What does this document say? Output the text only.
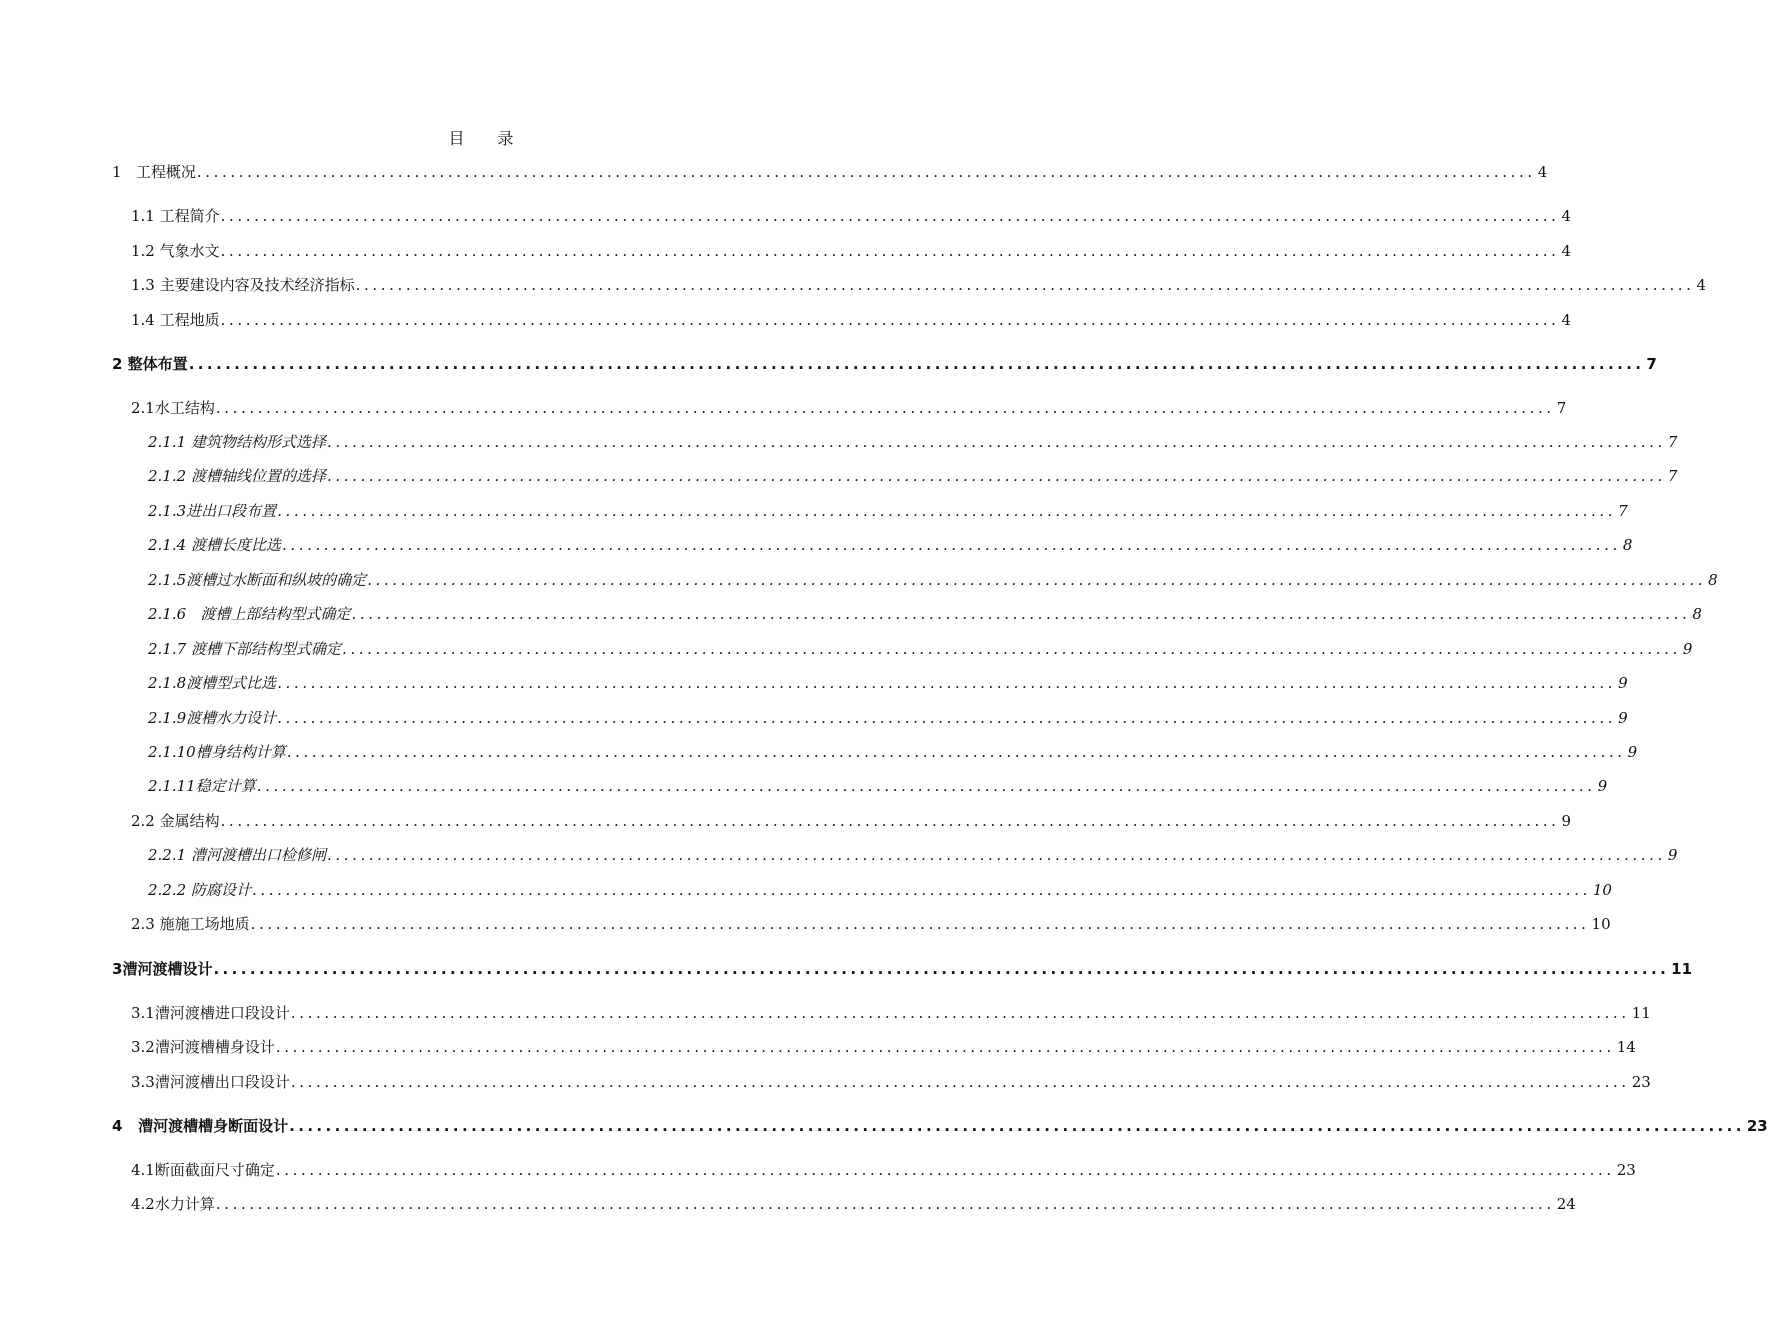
目 录
1
工程概况 ................................................................................................................................................................ 4
1.1
工程简介 ................................................................................................................................................................ 4
1.2
气象水文 ................................................................................................................................................................ 4
1.3
主要建设内容及技术经济指标 ................................................................................................................................................................ 4
1.4
工程地质 ................................................................................................................................................................ 4
2
整体布置 ................................................................................................................................................................ 7
2.1 水工结构 ................................................................................................................................................................ 7
2.1.1
建筑物结构形式选择 ................................................................................................................................................................ 7
2.1.2
渡槽轴线位置的选择 ................................................................................................................................................................ 7
2.1.3 进出口段布置 ................................................................................................................................................................ 7
2.1.4
渡槽长度比选 ................................................................................................................................................................ 8
2.1.5 渡槽过水断面和纵坡的确定 ................................................................................................................................................................ 8
2.1.6
渡槽上部结构型式确定 ................................................................................................................................................................ 8
2.1.7
渡槽下部结构型式确定 ................................................................................................................................................................ 9
2.1.8 渡槽型式比选 ................................................................................................................................................................ 9
2.1.9 渡槽水力设计 ................................................................................................................................................................ 9
2.1.10 槽身结构计算 ................................................................................................................................................................ 9
2.1.11 稳定计算 ................................................................................................................................................................ 9
2.2
金属结构 ................................................................................................................................................................ 9
2.2.1
漕河渡槽出口检修闸 ................................................................................................................................................................ 9
2.2.2
防腐设计 ................................................................................................................................................................ 10
2.3
施施工场地质 ................................................................................................................................................................ 10
3 漕河渡槽设计 ................................................................................................................................................................ 11
3.1 漕河渡槽进口段设计 ................................................................................................................................................................ 11
3.2 漕河渡槽槽身设计 ................................................................................................................................................................ 14
3.3 漕河渡槽出口段设计 ................................................................................................................................................................ 23
4
漕河渡槽槽身断面设计 ................................................................................................................................................................ 23
4.1 断面截面尺寸确定 ................................................................................................................................................................ 23
4.2 水力计算 ................................................................................................................................................................ 24
